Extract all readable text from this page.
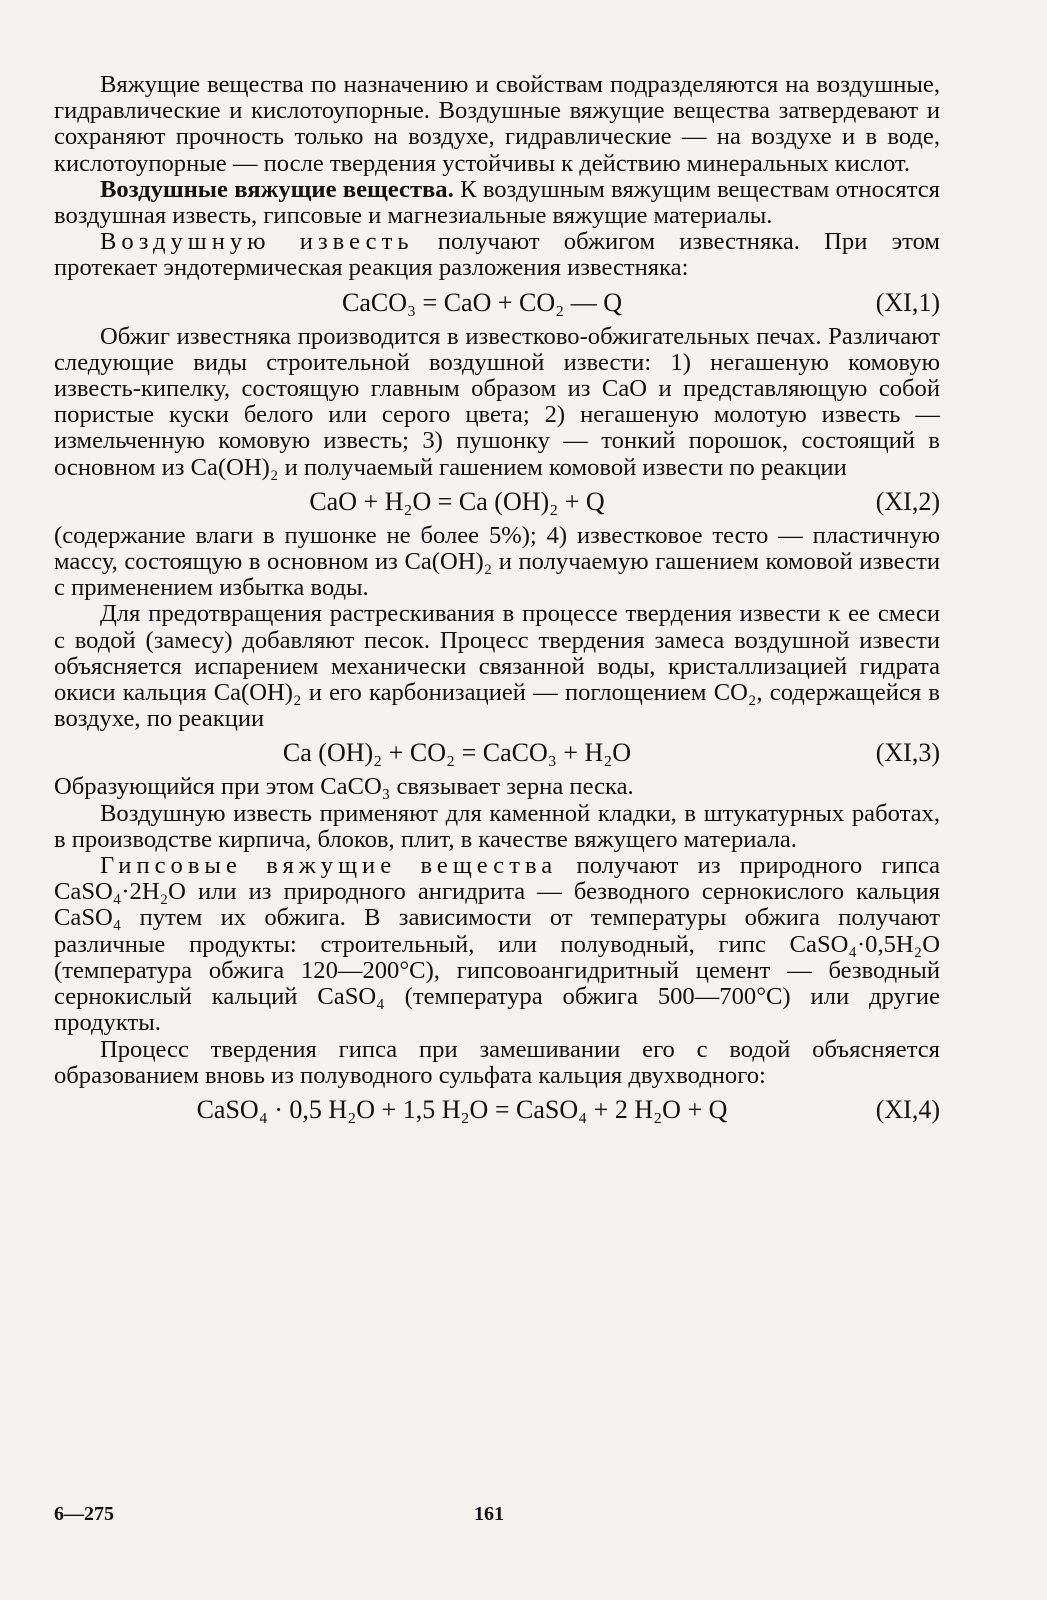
Вяжущие вещества по назначению и свойствам подразделяются на воздушные, гидравлические и кислотоупорные. Воздушные вяжущие вещества затвердевают и сохраняют прочность только на воздухе, гидравлические — на воздухе и в воде, кислотоупорные — после твердения устойчивы к действию минеральных кислот.

Воздушные вяжущие вещества. К воздушным вяжущим веществам относятся воздушная известь, гипсовые и магнезиальные вяжущие материалы.

Воздушную известь получают обжигом известняка. При этом протекает эндотермическая реакция разложения известняка:

CaCO₃ = CaO + CO₂ — Q	(XI,1)

Обжиг известняка производится в известково-обжигательных печах. Различают следующие виды строительной воздушной извести: 1) негашеную комовую известь-кипелку, состоящую главным образом из CaO и представляющую собой пористые куски белого или серого цвета; 2) негашеную молотую известь — измельченную комовую известь; 3) пушонку — тонкий порошок, состоящий в основном из Ca(OH)₂ и получаемый гашением комовой извести по реакции

CaO + H₂O = Ca (OH)₂ + Q	(XI,2)

(содержание влаги в пушонке не более 5%); 4) известковое тесто — пластичную массу, состоящую в основном из Ca(OH)₂ и получаемую гашением комовой извести с применением избытка воды.

Для предотвращения растрескивания в процессе твердения извести к ее смеси с водой (замесу) добавляют песок. Процесс твердения замеса воздушной извести объясняется испарением механически связанной воды, кристаллизацией гидрата окиси кальция Ca(OH)₂ и его карбонизацией — поглощением CO₂, содержащейся в воздухе, по реакции

Ca (OH)₂ + CO₂ = CaCO₃ + H₂O	(XI,3)

Образующийся при этом CaCO₃ связывает зерна песка.

Воздушную известь применяют для каменной кладки, в штукатурных работах, в производстве кирпича, блоков, плит, в качестве вяжущего материала.

Гипсовые вяжущие вещества получают из природного гипса CaSO₄·2H₂O или из природного ангидрита — безводного сернокислого кальция CaSO₄ путем их обжига. В зависимости от температуры обжига получают различные продукты: строительный, или полуводный, гипс CaSO₄·0,5H₂O (температура обжига 120—200°C), гипсовоангидритный цемент — безводный сернокислый кальций CaSO₄ (температура обжига 500—700°C) или другие продукты.

Процесс твердения гипса при замешивании его с водой объясняется образованием вновь из полуводного сульфата кальция двухводного:

CaSO₄ · 0,5 H₂O + 1,5 H₂O = CaSO₄ + 2 H₂O + Q	(XI,4)
6—275	161
